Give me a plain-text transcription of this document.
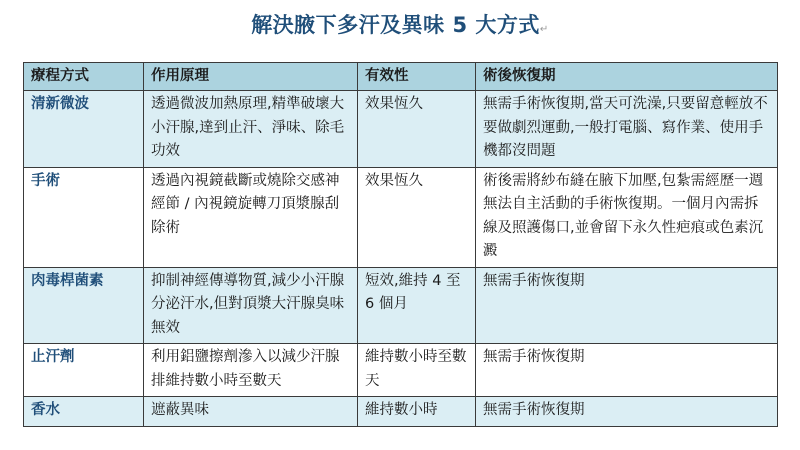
解決腋下多汗及異味 5 大方式↵
療程方式	作用原理	有效性	術後恢復期
清新微波	透過微波加熱原理,精準破壞大小汗腺,達到止汗、淨味、除毛功效	效果恆久	無需手術恢復期,當天可洗澡,只要留意輕放不要做劇烈運動,一般打電腦、寫作業、使用手機都沒問題
手術	透過內視鏡截斷或燒除交感神經節 / 內視鏡旋轉刀頂漿腺刮除術	效果恆久	術後需將紗布縫在腋下加壓,包紮需經歷一週無法自主活動的手術恢復期。一個月內需拆線及照護傷口,並會留下永久性疤痕或色素沉澱
肉毒桿菌素	抑制神經傳導物質,減少小汗腺分泌汗水,但對頂漿大汗腺臭味無效	短效,維持 4 至 6 個月	無需手術恢復期
止汗劑	利用鋁鹽擦劑滲入以減少汗腺排維持數小時至數天	維持數小時至數天	無需手術恢復期
香水	遮蔽異味	維持數小時	無需手術恢復期
